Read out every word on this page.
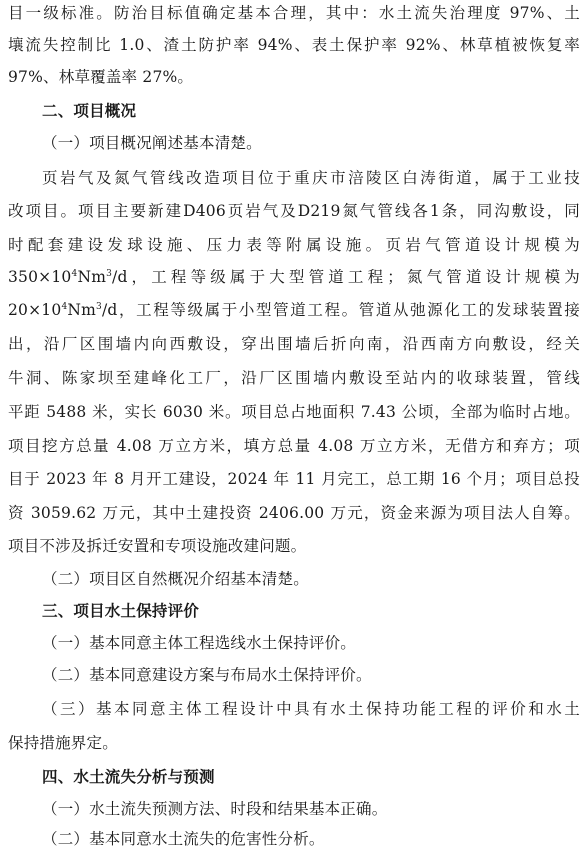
目一级标准。防治目标值确定基本合理，其中：水土流失治理度 97%、土
壤流失控制比 1.0、渣土防护率 94%、表土保护率 92%、林草植被恢复率
97%、林草覆盖率 27%。
二、项目概况
（一）项目概况阐述基本清楚。
页岩气及氮气管线改造项目位于重庆市涪陵区白涛街道，属于工业技
改项目。项目主要新建D406页岩气及D219氮气管线各1条，同沟敷设，同
时配套建设发球设施、压力表等附属设施。页岩气管道设计规模为
$350\times 10^4Nm^3/d$，工程等级属于大型管道工程；氮气管道设计规模为
$20\times 10^4Nm^3/d$，工程等级属于小型管道工程。管道从弛源化工的发球装置接
出，沿厂区围墙内向西敷设，穿出围墙后折向南，沿西南方向敷设，经关
牛洞、陈家坝至建峰化工厂，沿厂区围墙内敷设至站内的收球装置，管线
平距 5488 米，实长 6030 米。项目总占地面积 7.43 公顷，全部为临时占地。
项目挖方总量 4.08 万立方米，填方总量 4.08 万立方米，无借方和弃方；项
目于 2023 年 8 月开工建设，2024 年 11 月完工，总工期 16 个月；项目总投
资 3059.62 万元，其中土建投资 2406.00 万元，资金来源为项目法人自筹。
项目不涉及拆迁安置和专项设施改建问题。
（二）项目区自然概况介绍基本清楚。
三、项目水土保持评价
（一）基本同意主体工程选线水土保持评价。
（二）基本同意建设方案与布局水土保持评价。
（三）基本同意主体工程设计中具有水土保持功能工程的评价和水土
保持措施界定。
四、水土流失分析与预测
（一）水土流失预测方法、时段和结果基本正确。
（二）基本同意水土流失的危害性分析。
